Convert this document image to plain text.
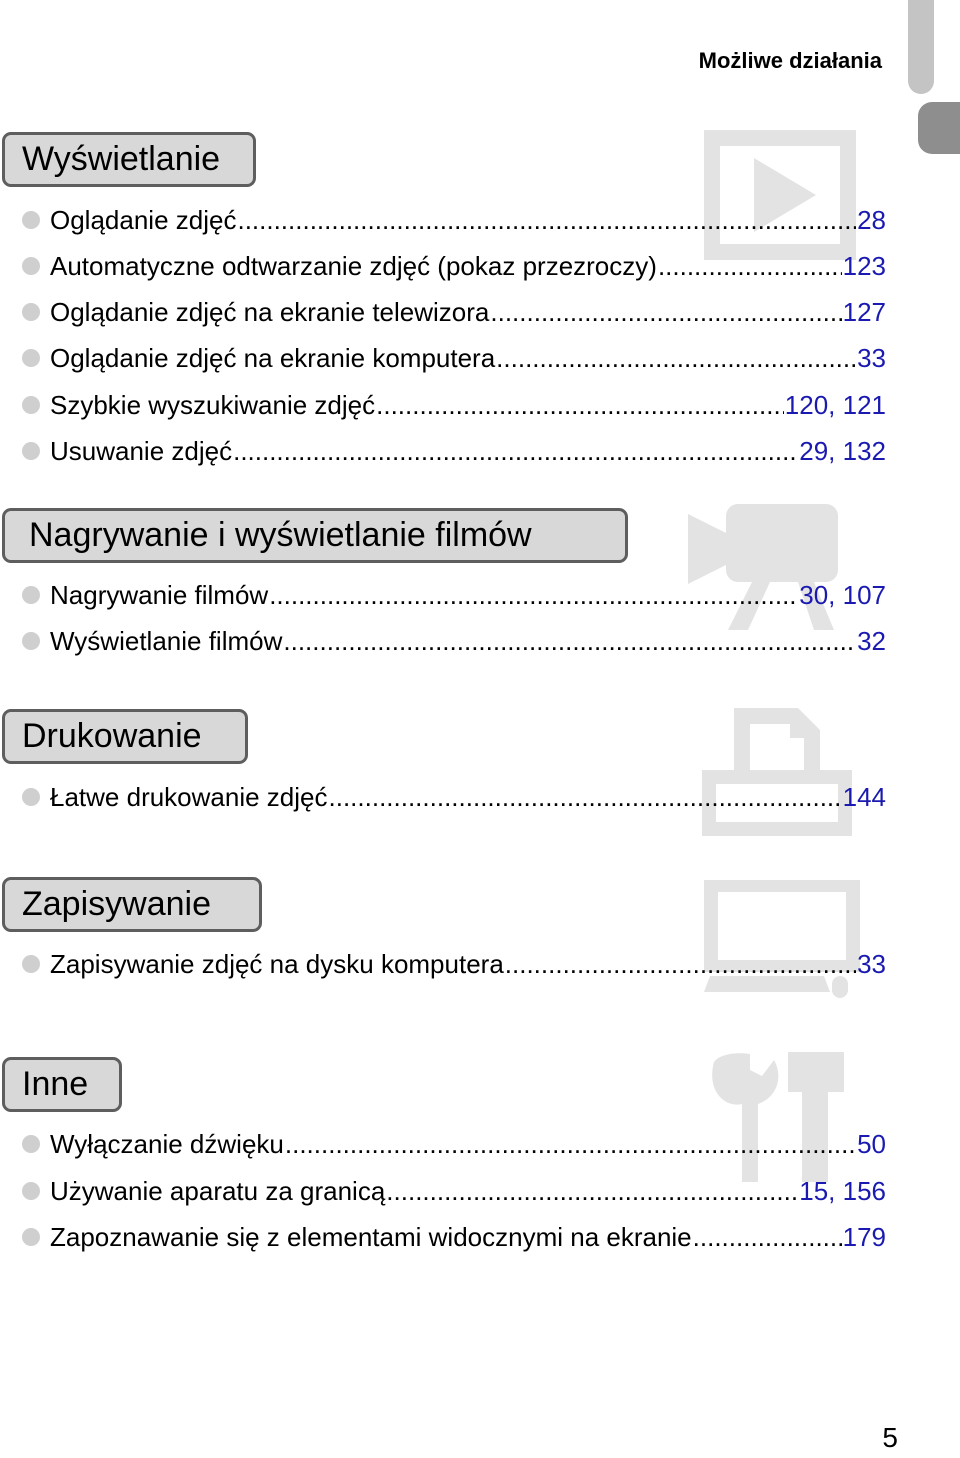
Możliwe działania
Wyświetlanie
Oglądanie zdjęć .....	28
Automatyczne odtwarzanie zdjęć (pokaz przezroczy) .....	123
Oglądanie zdjęć na ekranie telewizora .....	127
Oglądanie zdjęć na ekranie komputera .....	33
Szybkie wyszukiwanie zdjęć .....	120, 121
Usuwanie zdjęć .....	29, 132
Nagrywanie i wyświetlanie filmów
Nagrywanie filmów .....	30, 107
Wyświetlanie filmów .....	32
Drukowanie
Łatwe drukowanie zdjęć .....	144
Zapisywanie
Zapisywanie zdjęć na dysku komputera .....	33
Inne
Wyłączanie dźwięku .....	50
Używanie aparatu za granicą .....	15, 156
Zapoznawanie się z elementami widocznymi na ekranie .....	179
5
